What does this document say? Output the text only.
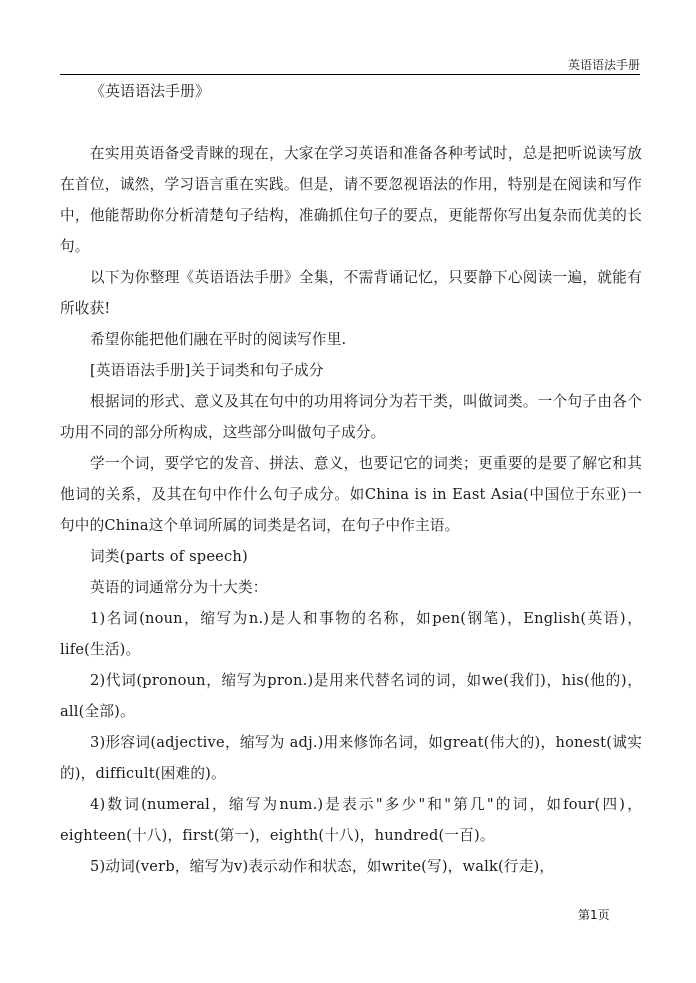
英语语法手册

《英语语法手册》

在实用英语备受青睐的现在，大家在学习英语和准备各种考试时，总是把听说读写放在首位，诚然，学习语言重在实践。但是，请不要忽视语法的作用，特别是在阅读和写作中，他能帮助你分析清楚句子结构，准确抓住句子的要点，更能帮你写出复杂而优美的长句。

以下为你整理《英语语法手册》全集，不需背诵记忆，只要静下心阅读一遍，就能有所收获!

希望你能把他们融在平时的阅读写作里.

[英语语法手册]关于词类和句子成分

根据词的形式、意义及其在句中的功用将词分为若干类，叫做词类。一个句子由各个功用不同的部分所构成，这些部分叫做句子成分。

学一个词，要学它的发音、拼法、意义，也要记它的词类；更重要的是要了解它和其他词的关系，及其在句中作什么句子成分。如China is in East Asia(中国位于东亚)一句中的China这个单词所属的词类是名词，在句子中作主语。

词类(parts of speech)

英语的词通常分为十大类：

1)名词(noun，缩写为n.)是人和事物的名称，如pen(钢笔)，English(英语)，life(生活)。

2)代词(pronoun，缩写为pron.)是用来代替名词的词，如we(我们)，his(他的)，all(全部)。

3)形容词(adjective，缩写为 adj.)用来修饰名词，如great(伟大的)，honest(诚实的)，difficult(困难的)。

4)数词(numeral，缩写为num.)是表示"多少"和"第几"的词，如four(四)，eighteen(十八)，first(第一)，eighth(十八)，hundred(一百)。

5)动词(verb，缩写为v)表示动作和状态，如write(写)，walk(行走)，

第1页
